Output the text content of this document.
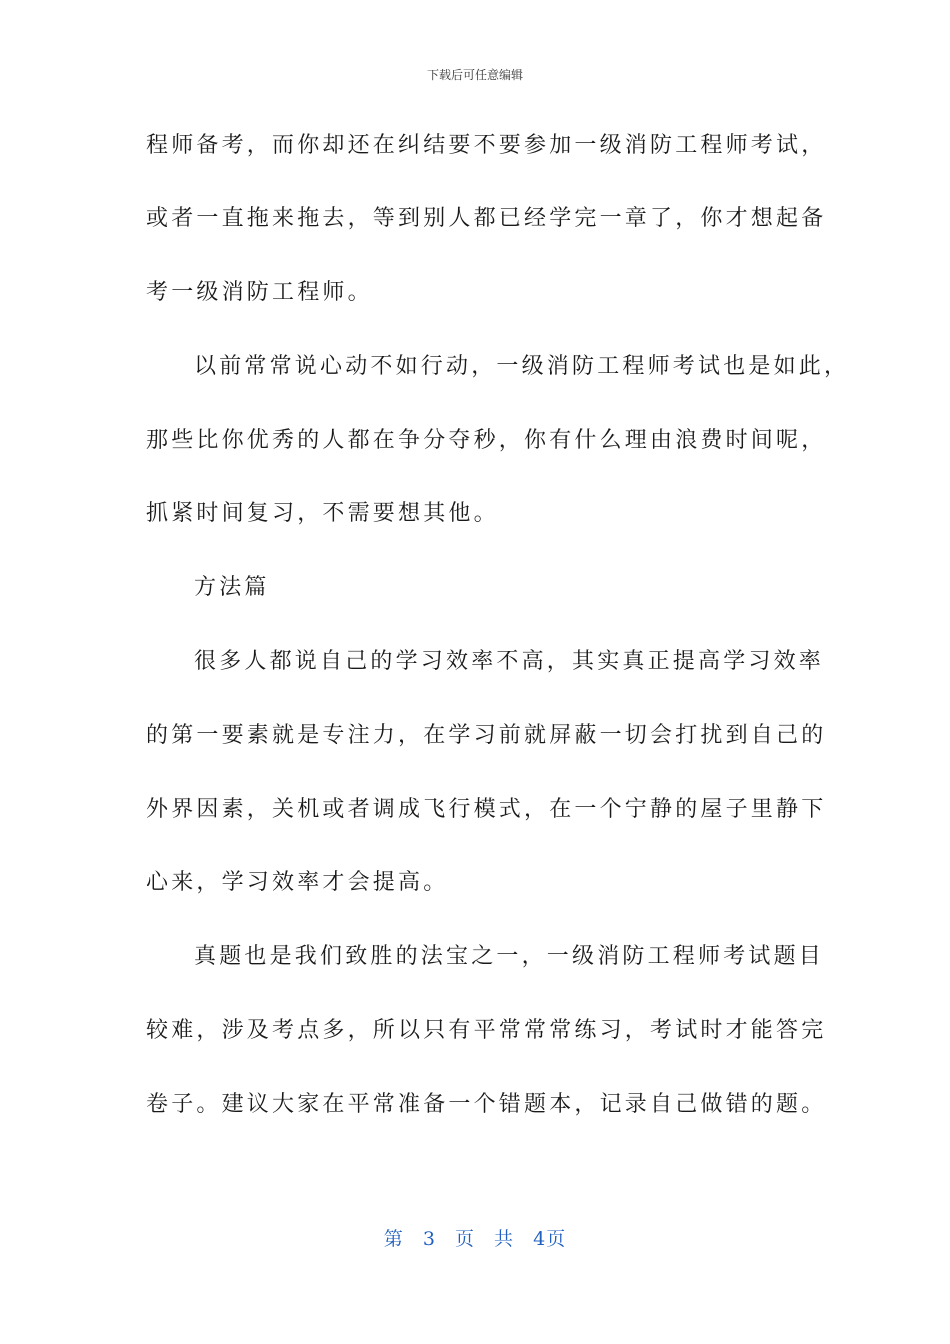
下载后可任意编辑
程师备考，而你却还在纠结要不要参加一级消防工程师考试，
或者一直拖来拖去，等到别人都已经学完一章了，你才想起备
考一级消防工程师。
以前常常说心动不如行动，一级消防工程师考试也是如此，
那些比你优秀的人都在争分夺秒，你有什么理由浪费时间呢，
抓紧时间复习，不需要想其他。
方法篇
很多人都说自己的学习效率不高，其实真正提高学习效率
的第一要素就是专注力，在学习前就屏蔽一切会打扰到自己的
外界因素，关机或者调成飞行模式，在一个宁静的屋子里静下
心来，学习效率才会提高。
真题也是我们致胜的法宝之一，一级消防工程师考试题目
较难，涉及考点多，所以只有平常常常练习，考试时才能答完
卷子。建议大家在平常准备一个错题本，记录自己做错的题。
第 3 页 共 4页
